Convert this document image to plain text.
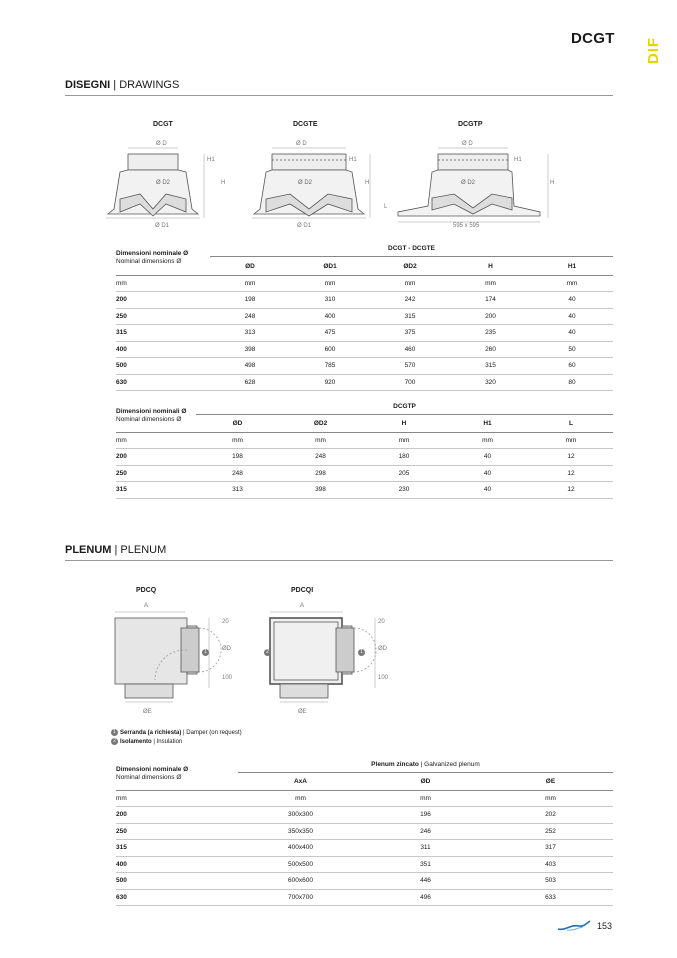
DCGT DIF
DISEGNI | DRAWINGS
DCGT	DCGTE	DCGTP
Ø D	Ø D	Ø D
Ø D2	Ø D2	Ø D2
Ø D1	Ø D1
H1	H1	H1
H	H	H
L
595 x 595
Dimensioni nominale Ø
Nominal dimensions Ø
DCGT - DCGTE
	ØD	ØD1	ØD2	H	H1
mm	mm	mm	mm	mm	mm
200	198	310	242	174	40
250	248	400	315	200	40
315	313	475	375	235	40
400	398	600	460	260	50
500	498	785	570	315	60
630	628	920	700	320	80
Dimensioni nominali Ø
Nominal dimensions Ø
DCGTP
	ØD	ØD2	H	H1	L
mm	mm	mm	mm	mm	mm
200	198	248	180	40	12
250	248	298	205	40	12
315	313	398	230	40	12
PLENUM | PLENUM
PDCQ	PDCQI
A	A
20	20
ØD	ØD
100	100
ØE	ØE
1	1
2
1 Serranda (a richiesta) | Damper (on request)
2 Isolamento | Insulation
Dimensioni nominale Ø
Nominal dimensions Ø
Plenum zincato | Galvanized plenum
	AxA	ØD	ØE
mm	mm	mm	mm
200	300x300	196	202
250	350x350	246	252
315	400x400	311	317
400	500x500	351	403
500	600x600	446	503
630	700x700	496	633
153
